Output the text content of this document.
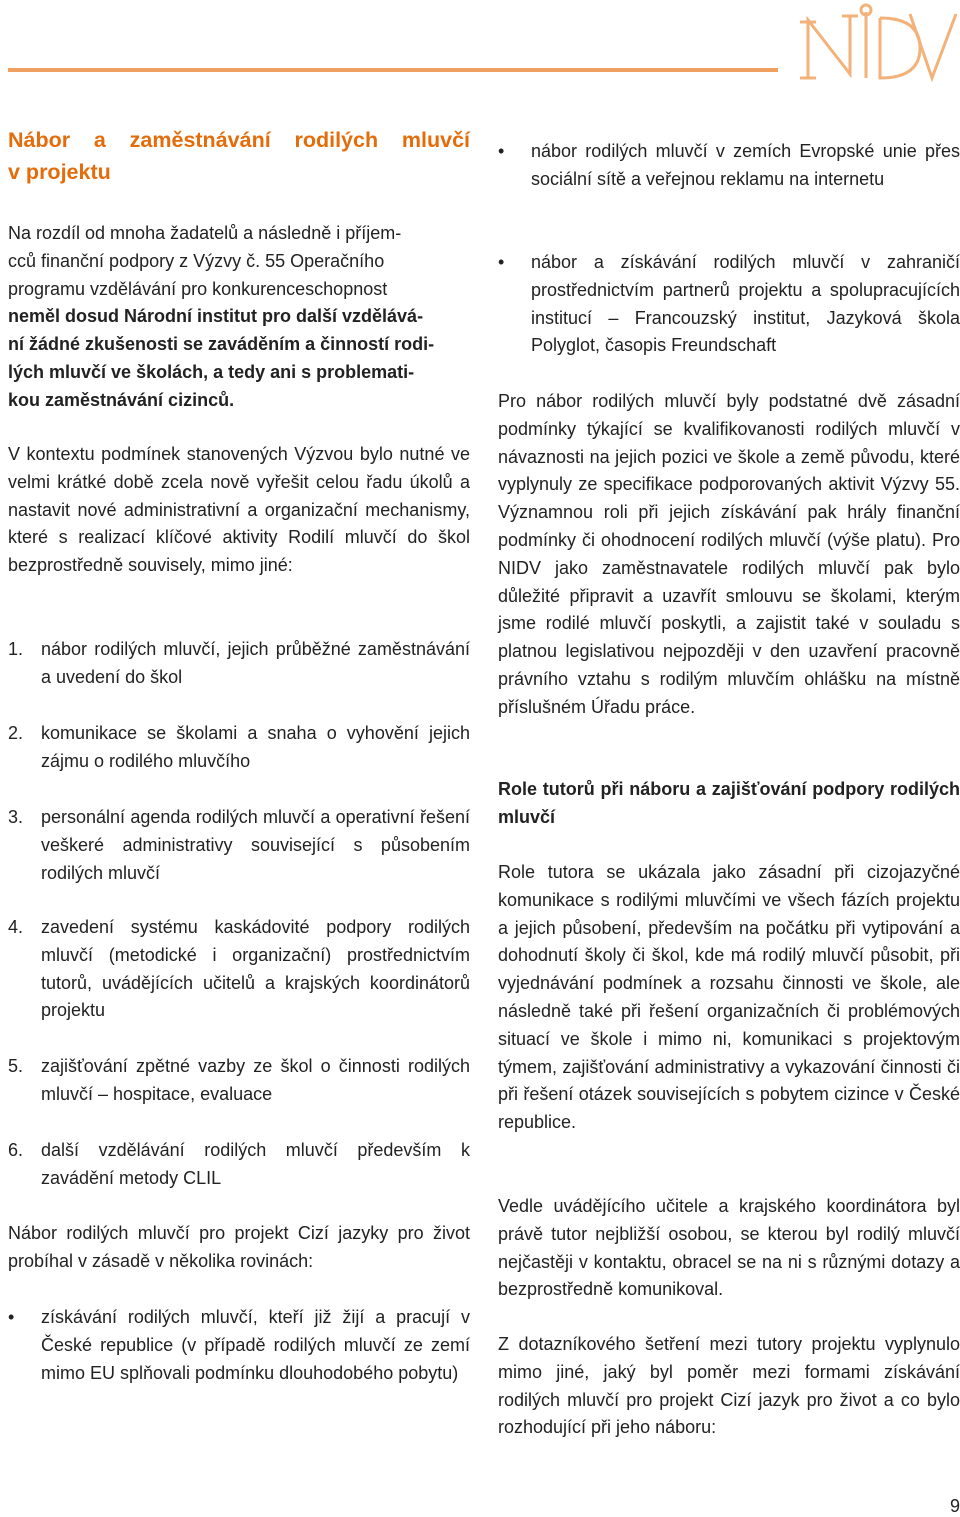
Nábor a zaměstnávání rodilých mluvčí
v projektu

Na rozdíl od mnoha žadatelů a následně i příjem-
cců finanční podpory z Výzvy č. 55 Operačního
programu vzdělávání pro konkurenceschopnost

neměl dosud Národní institut pro další vzdělává-
ní žádné zkušenosti se zaváděním a činností rodi-
lých mluvčí ve školách, a tedy ani s problemati-
kou zaměstnávání cizinců.

V kontextu podmínek stanovených Výzvou bylo nutné ve velmi krátké době zcela nově vyřešit celou řadu úkolů a nastavit nové administrativní a organizační mechanismy, které s realizací klíčové aktivity Rodilí mluvčí do škol bezprostředně souvisely, mimo jiné:

1. nábor rodilých mluvčí, jejich průběžné zaměstnávání a uvedení do škol

2. komunikace se školami a snaha o vyhovění jejich zájmu o rodilého mluvčího

3. personální agenda rodilých mluvčí a operativní řešení veškeré administrativy související s působením rodilých mluvčí

4. zavedení systému kaskádovité podpory rodilých mluvčí (metodické i organizační) prostřednictvím tutorů, uvádějících učitelů a krajských koordinátorů projektu

5. zajišťování zpětné vazby ze škol o činnosti rodilých mluvčí – hospitace, evaluace

6. další vzdělávání rodilých mluvčí především k zavádění metody CLIL

Nábor rodilých mluvčí pro projekt Cizí jazyky pro život probíhal v zásadě v několika rovinách:

• získávání rodilých mluvčí, kteří již žijí a pracují v České republice (v případě rodilých mluvčí ze zemí mimo EU splňovali podmínku dlouhodobého pobytu)

• nábor rodilých mluvčí v zemích Evropské unie přes sociální sítě a veřejnou reklamu na internetu

• nábor a získávání rodilých mluvčí v zahraničí prostřednictvím partnerů projektu a spolupracujících institucí – Francouzský institut, Jazyková škola Polyglot, časopis Freundschaft

Pro nábor rodilých mluvčí byly podstatné dvě zásadní podmínky týkající se kvalifikovanosti rodilých mluvčí v návaznosti na jejich pozici ve škole a země původu, které vyplynuly ze specifikace podporovaných aktivit Výzvy 55. Významnou roli při jejich získávání pak hrály finanční podmínky či ohodnocení rodilých mluvčí (výše platu). Pro NIDV jako zaměstnavatele rodilých mluvčí pak bylo důležité připravit a uzavřít smlouvu se školami, kterým jsme rodilé mluvčí poskytli, a zajistit také v souladu s platnou legislativou nejpozději v den uzavření pracovně právního vztahu s rodilým mluvčím ohlášku na místně příslušném Úřadu práce.

Role tutorů při náboru a zajišťování podpory rodilých mluvčí

Role tutora se ukázala jako zásadní při cizojazyčné komunikace s rodilými mluvčími ve všech fázích projektu a jejich působení, především na počátku při vytipování a dohodnutí školy či škol, kde má rodilý mluvčí působit, při vyjednávání podmínek a rozsahu činnosti ve škole, ale následně také při řešení organizačních či problémových situací ve škole i mimo ni, komunikaci s projektovým týmem, zajišťování administrativy a vykazování činnosti či při řešení otázek souvisejících s pobytem cizince v České republice.

Vedle uvádějícího učitele a krajského koordinátora byl právě tutor nejbližší osobou, se kterou byl rodilý mluvčí nejčastěji v kontaktu, obracel se na ni s různými dotazy a bezprostředně komunikoval.

Z dotazníkového šetření mezi tutory projektu vyplynulo mimo jiné, jaký byl poměr mezi formami získávání rodilých mluvčí pro projekt Cizí jazyk pro život a co bylo rozhodující při jeho náboru:

9
